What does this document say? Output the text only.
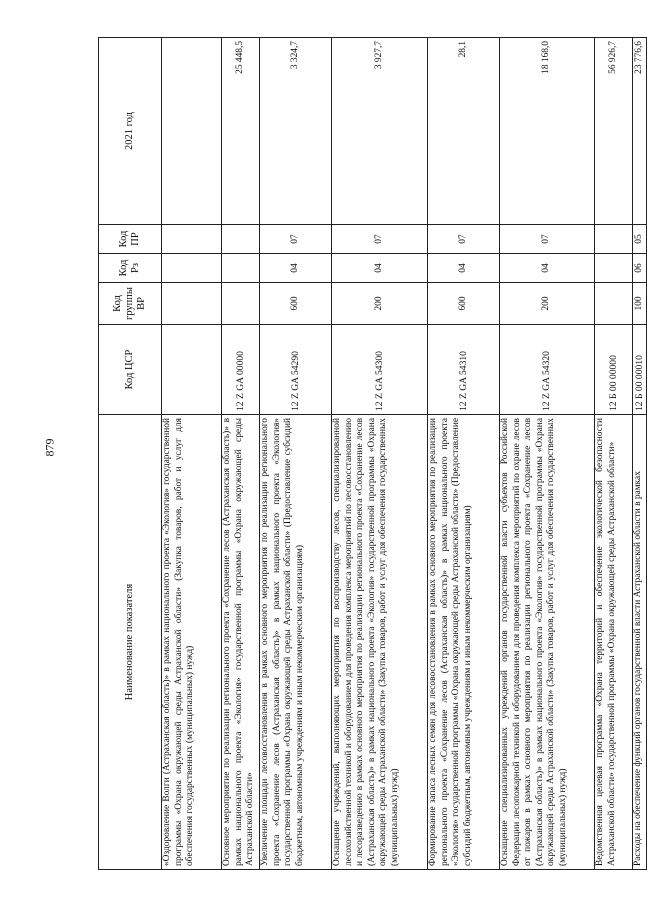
879
Наименование показателя	Код ЦСР	Код группы ВР	Код Рз	Код ПР	2021 год
«Оздоровление Волги (Астраханская область)» в рамках национального проекта «Экология» государственной программы «Охрана окружающей среды Астраханской области» (Закупка товаров, работ и услуг для обеспечения государственных (муниципальных) нужд)					
Основное мероприятие по реализации регионального проекта «Сохранение лесов (Астраханская область)» в рамках национального проекта «Экология» государственной программы «Охрана окружающей среды Астраханской области»	12 Z GA 00000				25 448,5
Увеличение площади лесовосстановления в рамках основного мероприятия по реализации регионального проекта «Сохранение лесов (Астраханская область)» в рамках национального проекта «Экология» государственной программы «Охрана окружающей среды Астраханской области» (Предоставление субсидий бюджетным, автономным учреждениям и иным некоммерческим организациям)	12 Z GA 54290	600	04	07	3 324,7
Оснащение учреждений, выполняющих мероприятия по воспроизводству лесов, специализированной лесохозяйственной техникой и оборудованием для проведения комплекса мероприятий по лесовосстановлению и лесоразведению в рамках основного мероприятия по реализации регионального проекта «Сохранение лесов (Астраханская область)» в рамках национального проекта «Экология» государственной программы «Охрана окружающей среды Астраханской области» (Закупка товаров, работ и услуг для обеспечения государственных (муниципальных) нужд)	12 Z GA 54300	200	04	07	3 927,7
Формирование запаса лесных семян для лесовосстановления в рамках основного мероприятия по реализации регионального проекта «Сохранение лесов (Астраханская область)» в рамках национального проекта «Экология» государственной программы «Охрана окружающей среды Астраханской области» (Предоставление субсидий бюджетным, автономным учреждениям и иным некоммерческим организациям)	12 Z GA 54310	600	04	07	28,1
Оснащение специализированных учреждений органов государственной власти субъектов Российской Федерации лесопожарной техникой и оборудованием для проведения комплекса мероприятий по охране лесов от пожаров в рамках основного мероприятия по реализации регионального проекта «Сохранение лесов (Астраханская область)» в рамках национального проекта «Экология» государственной программы «Охрана окружающей среды Астраханской области» (Закупка товаров, работ и услуг для обеспечения государственных (муниципальных) нужд)	12 Z GA 54320	200	04	07	18 168,0
Ведомственная целевая программа «Охрана территорий и обеспечение экологической безопасности Астраханской области» государственной программы «Охрана окружающей среды Астраханской области»	12 Б 00 00000				56 926,7
Расходы на обеспечение функций органов государственной власти Астраханской области в рамках	12 Б 00 00010	100	06	05	23 776,6
